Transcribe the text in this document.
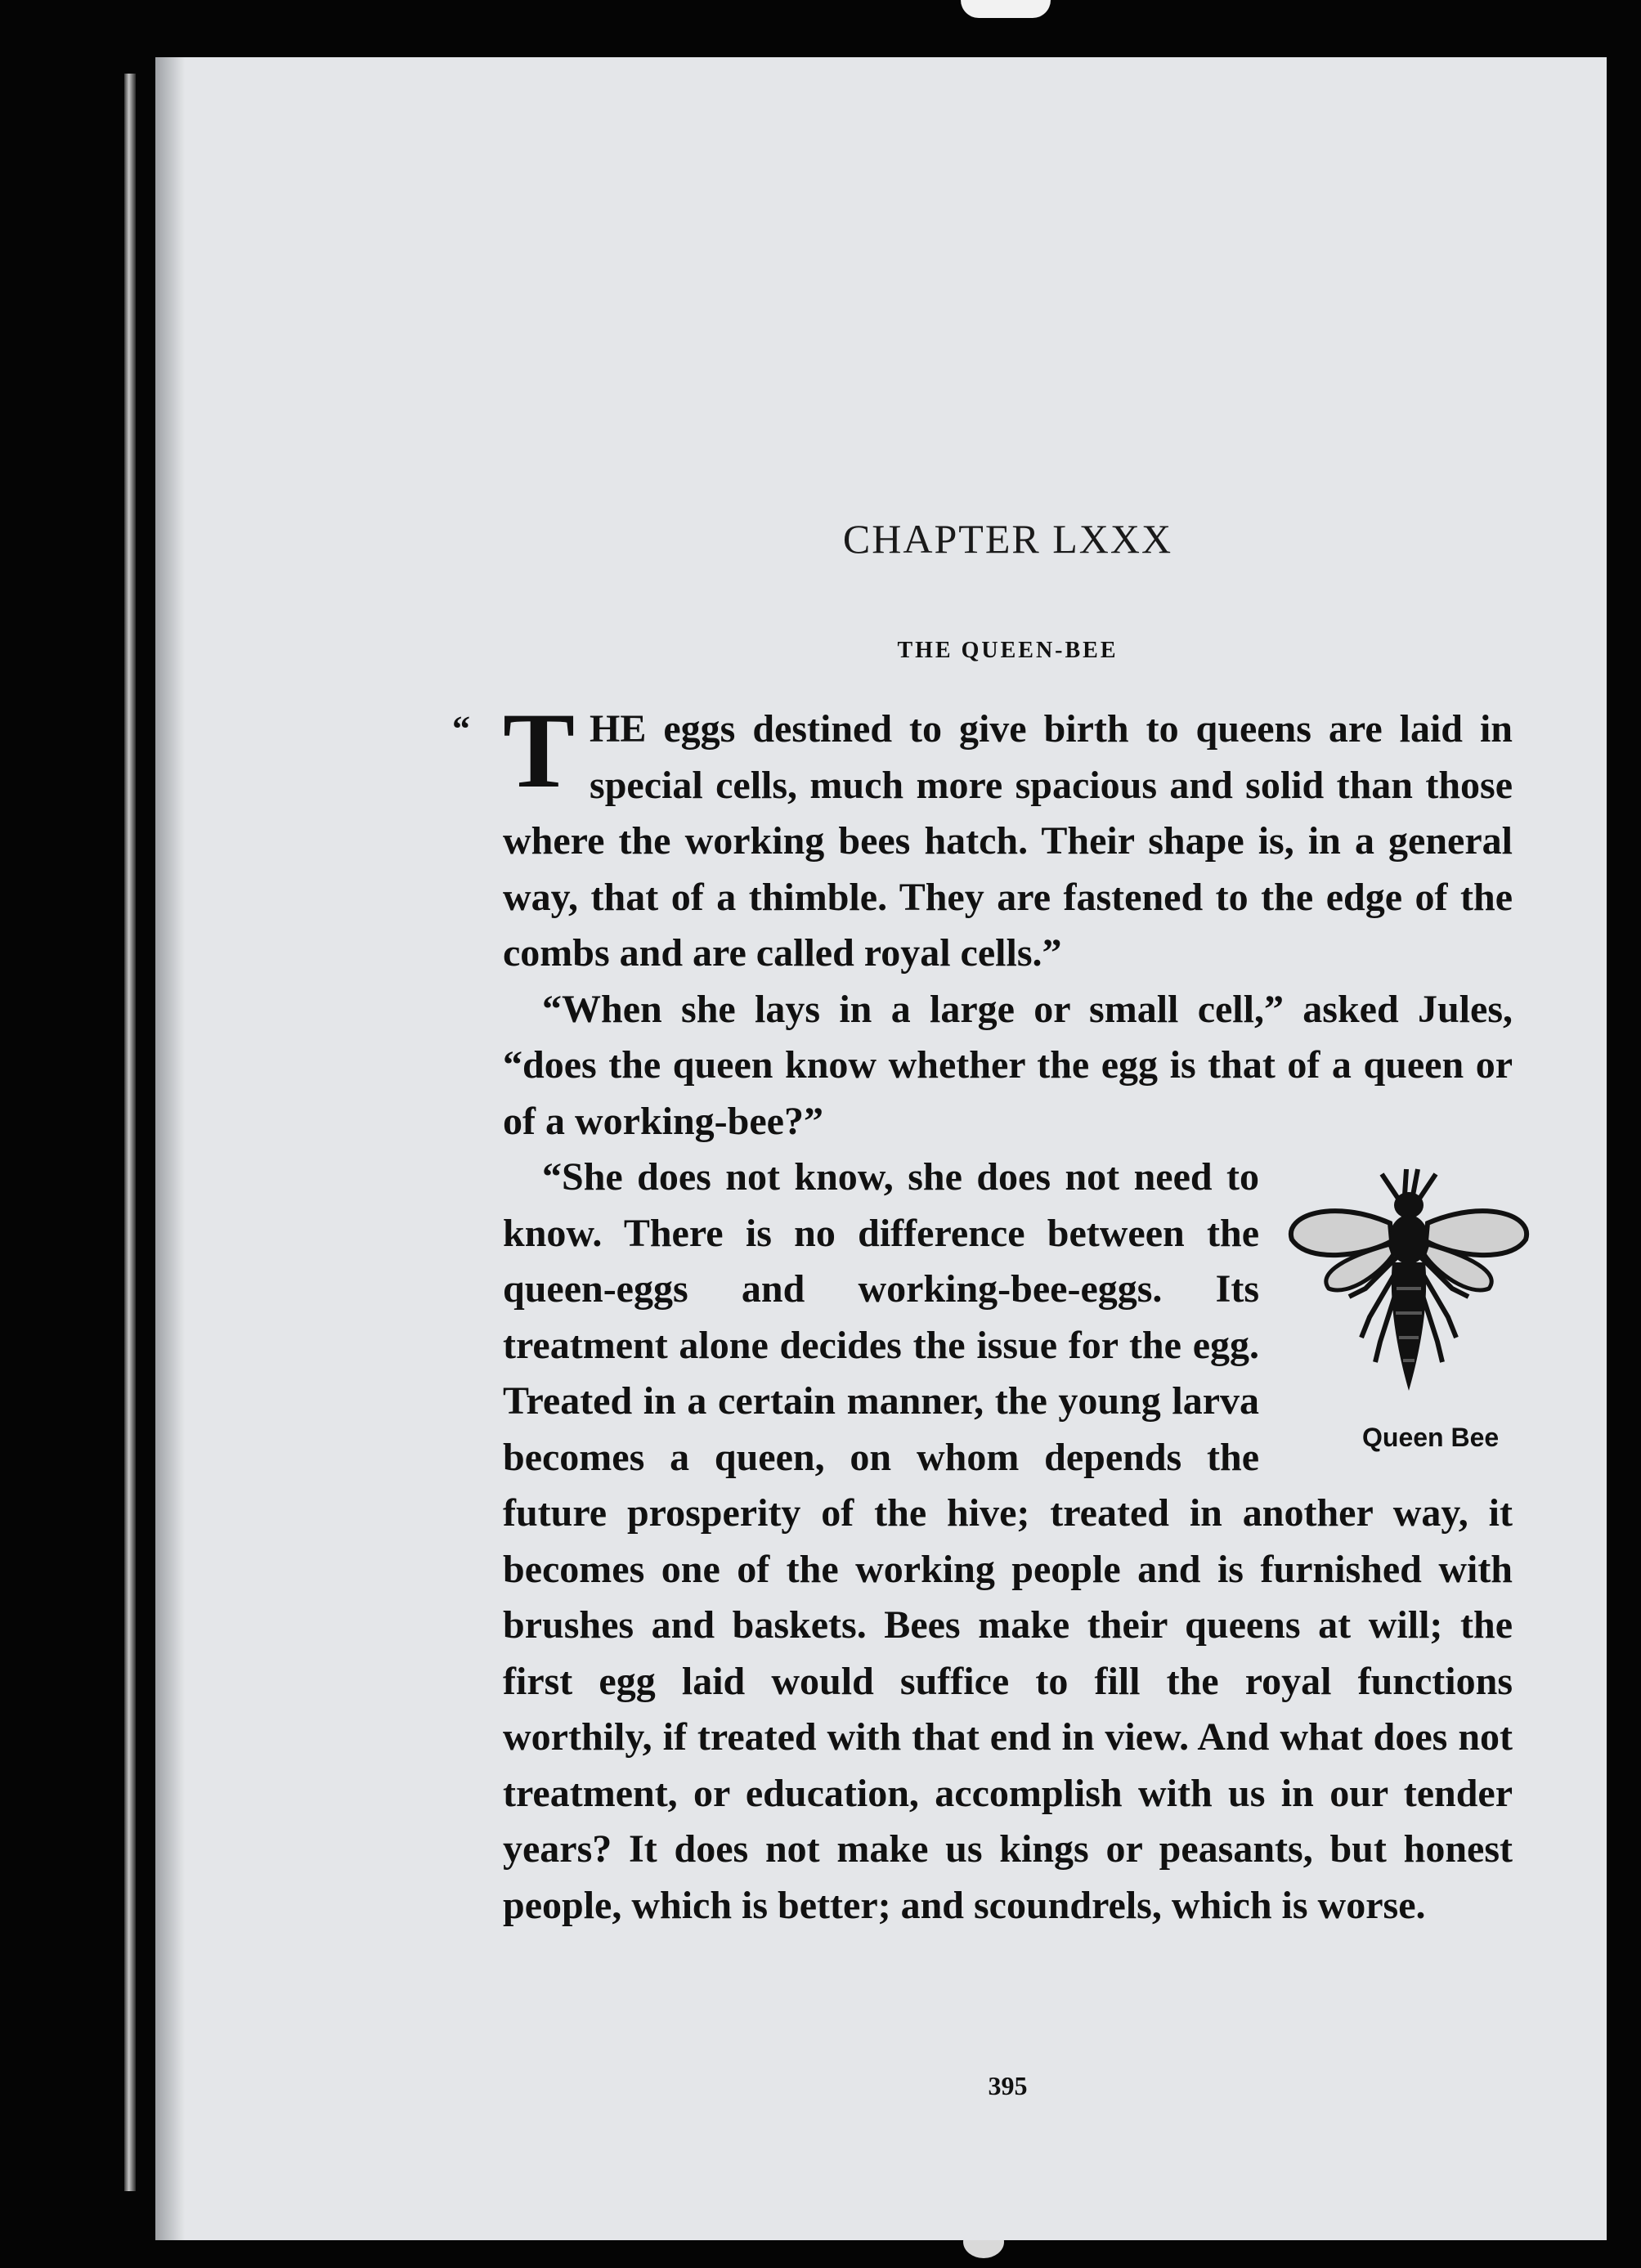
CHAPTER LXXX
THE QUEEN-BEE
“ THE eggs destined to give birth to queens are laid in special cells, much more spacious and solid than those where the working bees hatch. Their shape is, in a general way, that of a thimble. They are fastened to the edge of the combs and are called royal cells.”

“When she lays in a large or small cell,” asked Jules, “does the queen know whether the egg is that of a queen or of a working-bee?”

Queen Bee
“She does not know, she does not need to know. There is no difference between the queen-eggs and working-bee-eggs. Its treatment alone decides the issue for the egg. Treated in a certain manner, the young larva becomes a queen, on whom depends the future prosperity of the hive; treated in another way, it becomes one of the working people and is furnished with brushes and baskets. Bees make their queens at will; the first egg laid would suffice to fill the royal functions worthily, if treated with that end in view. And what does not treatment, or education, accomplish with us in our tender years? It does not make us kings or peasants, but honest people, which is better; and scoundrels, which is worse.

395
